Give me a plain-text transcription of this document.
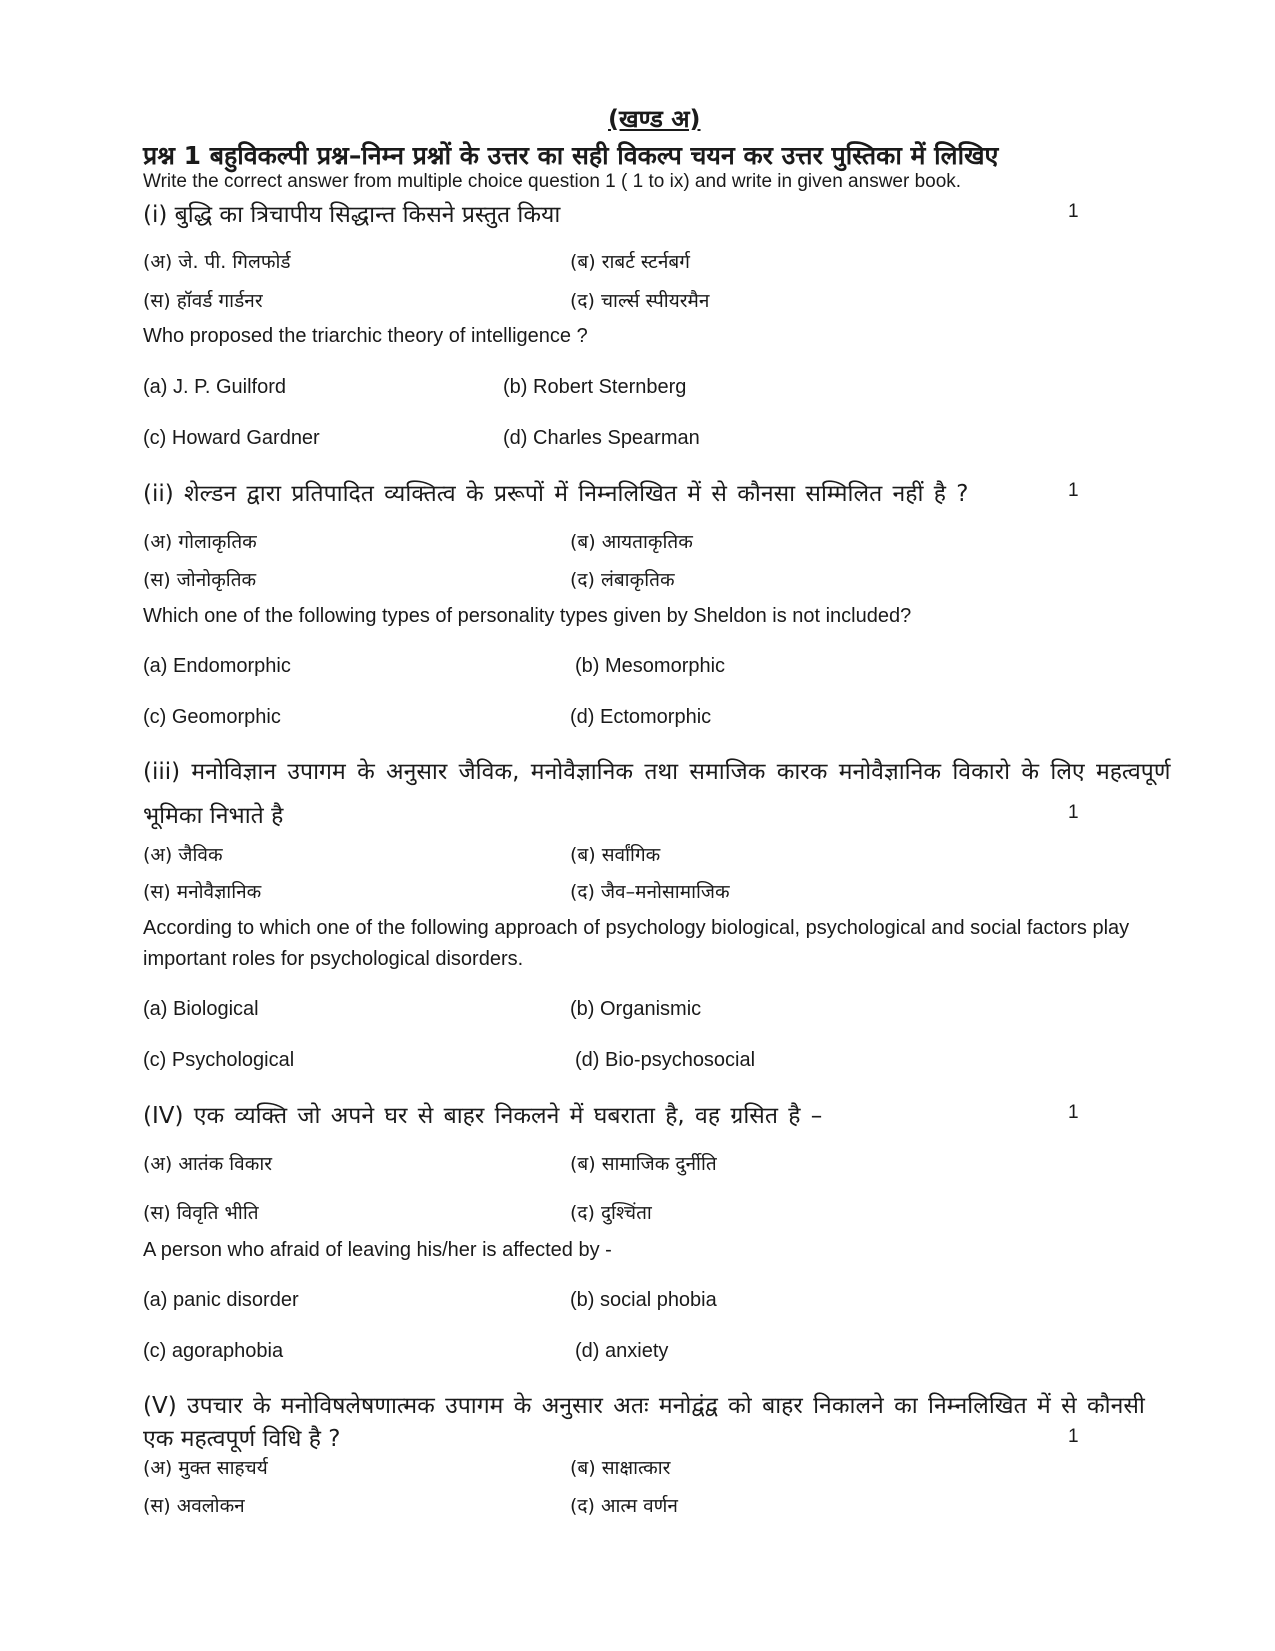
(खण्ड अ)
प्रश्न 1 बहुविकल्पी प्रश्न–निम्न प्रश्नों के उत्तर का सही विकल्प चयन कर उत्तर पुस्तिका में लिखिए
Write the correct answer from multiple choice question 1 ( 1 to ix) and write in given answer book.
(i) बुद्धि का त्रिचापीय सिद्धान्त किसने प्रस्तुत किया	1
(अ) जे. पी. गिलफोर्ड	(ब) राबर्ट स्टर्नबर्ग
(स) हॉवर्ड गार्डनर	(द) चार्ल्स स्पीयरमैन
Who proposed the triarchic theory of intelligence ?
(a) J. P. Guilford	(b) Robert Sternberg
(c) Howard Gardner	(d) Charles Spearman
(ii) शेल्डन द्वारा प्रतिपादित व्यक्तित्व के प्ररूपों में निम्नलिखित में से कौनसा सम्मिलित नहीं है ?	1
(अ) गोलाकृतिक	(ब) आयताकृतिक
(स) जोनोकृतिक	(द) लंबाकृतिक
Which one of the following types of personality types given by Sheldon is not included?
(a) Endomorphic	(b) Mesomorphic
(c) Geomorphic	(d) Ectomorphic
(iii) मनोविज्ञान उपागम के अनुसार जैविक, मनोवैज्ञानिक तथा समाजिक कारक मनोवैज्ञानिक विकारो के लिए महत्वपूर्ण
भूमिका निभाते है	1
(अ) जैविक	(ब) सर्वांगिक
(स) मनोवैज्ञानिक	(द) जैव–मनोसामाजिक
According to which one of the following approach of psychology biological, psychological and social factors play
important roles for psychological disorders.
(a) Biological	(b) Organismic
(c) Psychological	(d) Bio-psychosocial
(IV) एक व्यक्ति जो अपने घर से बाहर निकलने में घबराता है, वह ग्रसित है –	1
(अ) आतंक विकार	(ब) सामाजिक दुर्नीति
(स) विवृति भीति	(द) दुश्चिंता
A person who afraid of leaving his/her is affected by -
(a) panic disorder	(b) social phobia
(c) agoraphobia	(d) anxiety
(V) उपचार के मनोविषलेषणात्मक उपागम के अनुसार अतः मनोद्वंद्व को बाहर निकालने का निम्नलिखित में से कौनसी
एक महत्वपूर्ण विधि है ?	1
(अ) मुक्त साहचर्य	(ब) साक्षात्कार
(स) अवलोकन	(द) आत्म वर्णन
